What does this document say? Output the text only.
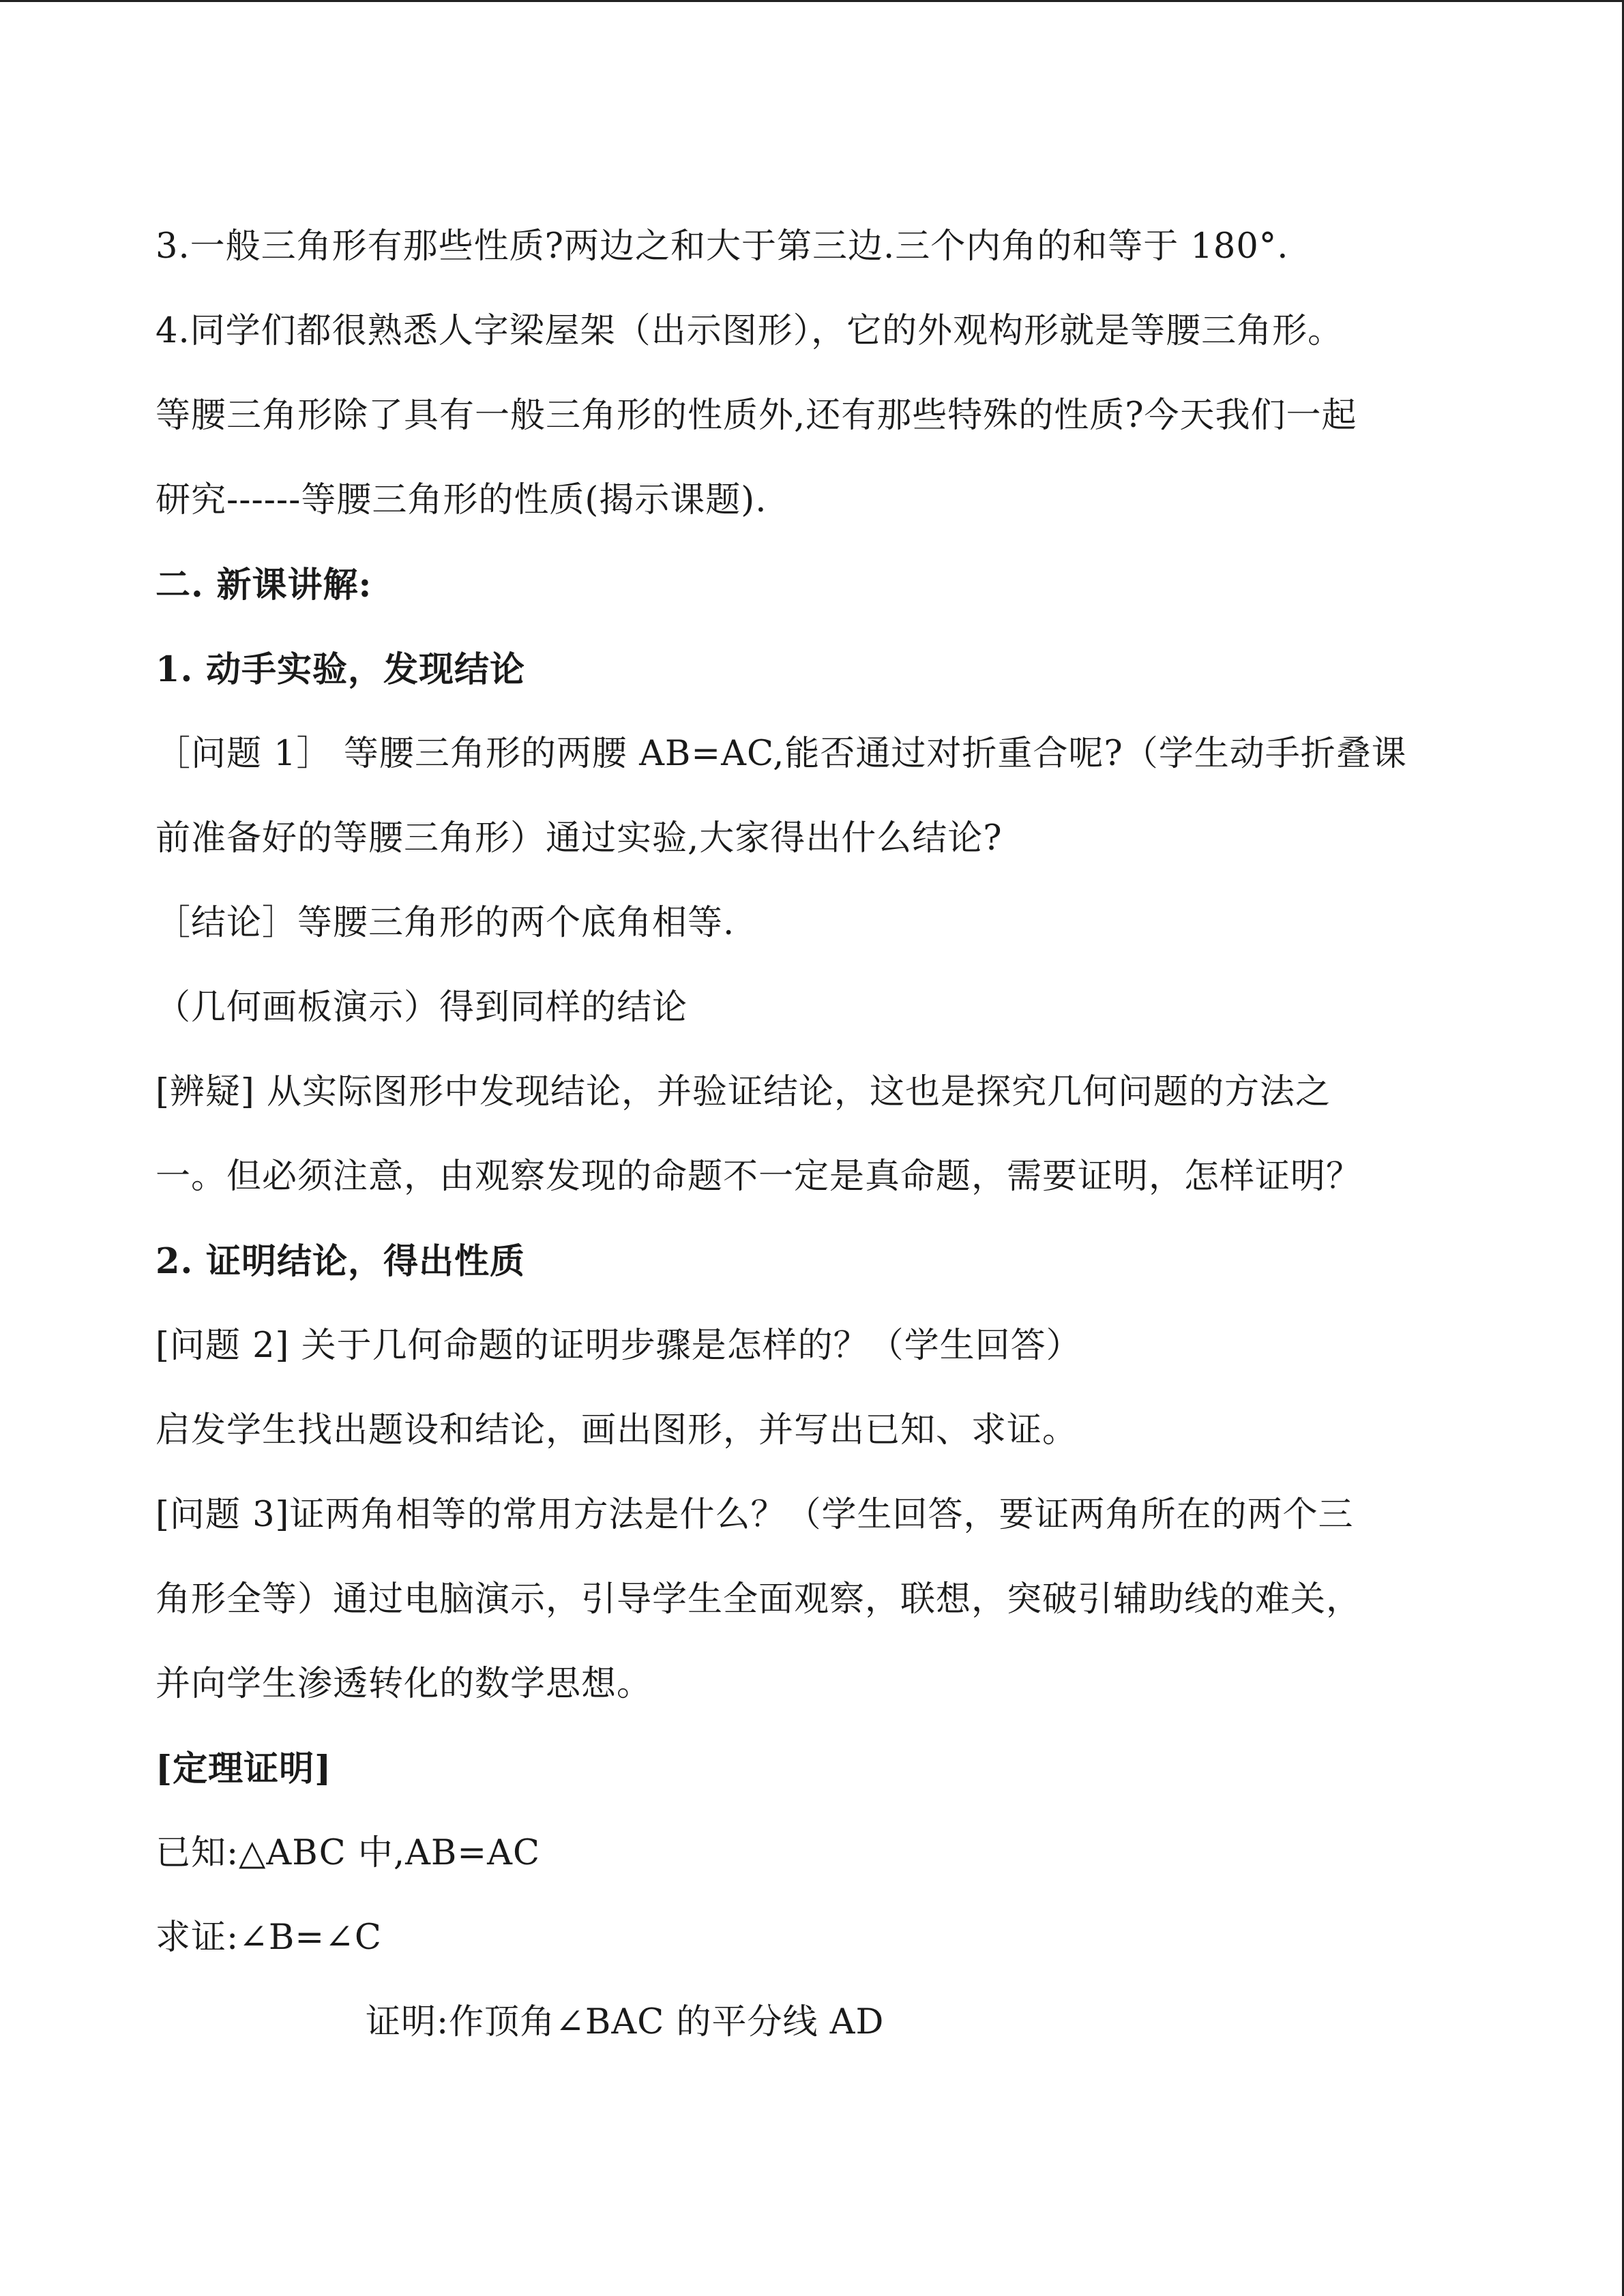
3.一般三角形有那些性质?两边之和大于第三边.三个内角的和等于 180°.
4.同学们都很熟悉人字梁屋架（出示图形），它的外观构形就是等腰三角形。
等腰三角形除了具有一般三角形的性质外,还有那些特殊的性质?今天我们一起
研究------等腰三角形的性质(揭示课题).
二. 新课讲解:
1. 动手实验，发现结论
［问题 1］ 等腰三角形的两腰 AB=AC,能否通过对折重合呢?（学生动手折叠课
前准备好的等腰三角形）通过实验,大家得出什么结论?
［结论］等腰三角形的两个底角相等.
（几何画板演示）得到同样的结论
[辨疑] 从实际图形中发现结论，并验证结论，这也是探究几何问题的方法之
一。但必须注意，由观察发现的命题不一定是真命题，需要证明，怎样证明？
2. 证明结论，得出性质
[问题 2] 关于几何命题的证明步骤是怎样的？（学生回答）
启发学生找出题设和结论，画出图形，并写出已知、求证。
[问题 3]证两角相等的常用方法是什么？（学生回答，要证两角所在的两个三
角形全等）通过电脑演示，引导学生全面观察，联想，突破引辅助线的难关，
并向学生渗透转化的数学思想。
[定理证明]
已知:△ABC 中,AB=AC
求证:∠B=∠C
证明:作顶角∠BAC 的平分线 AD
